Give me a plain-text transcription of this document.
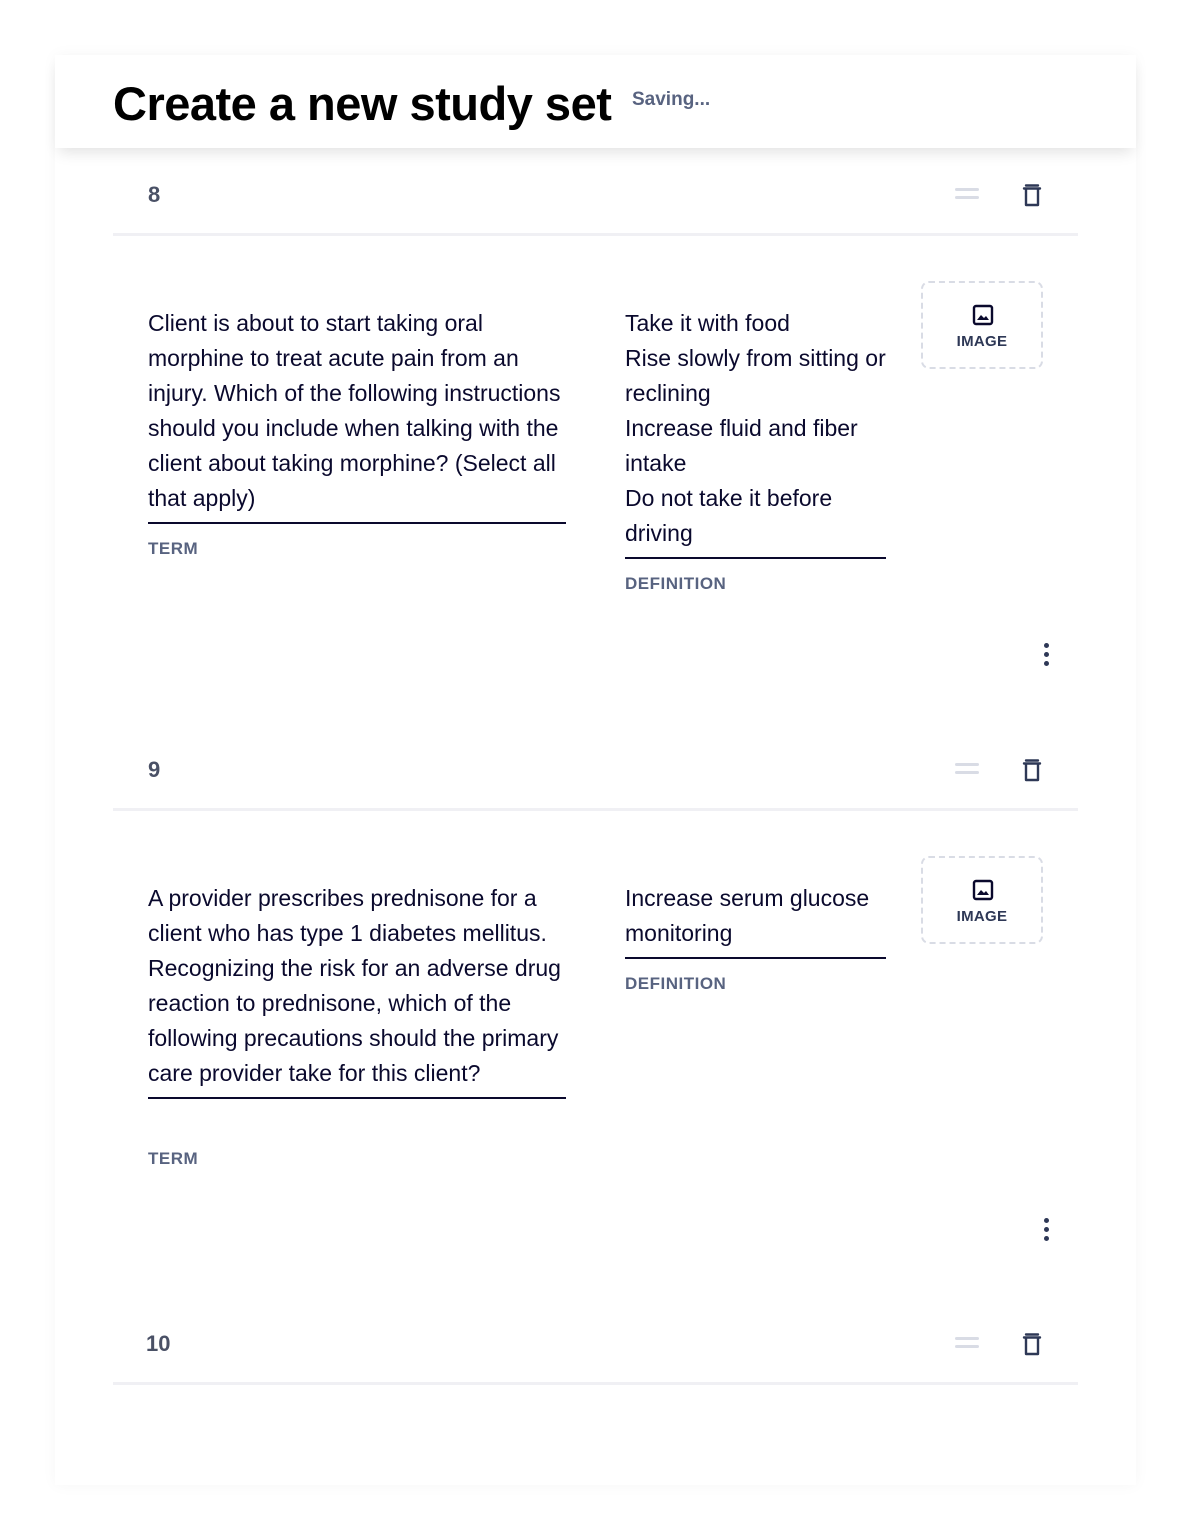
Create a new study set Saving...
8
Client is about to start taking oral morphine to treat acute pain from an injury. Which of the following instructions should you include when talking with the client about taking morphine? (Select all that apply)
TERM
Take it with food
Rise slowly from sitting or reclining
Increase fluid and fiber intake
Do not take it before driving
DEFINITION
IMAGE
9
A provider prescribes prednisone for a client who has type 1 diabetes mellitus. Recognizing the risk for an adverse drug reaction to prednisone, which of the following precautions should the primary care provider take for this client?
TERM
Increase serum glucose monitoring
DEFINITION
IMAGE
10
